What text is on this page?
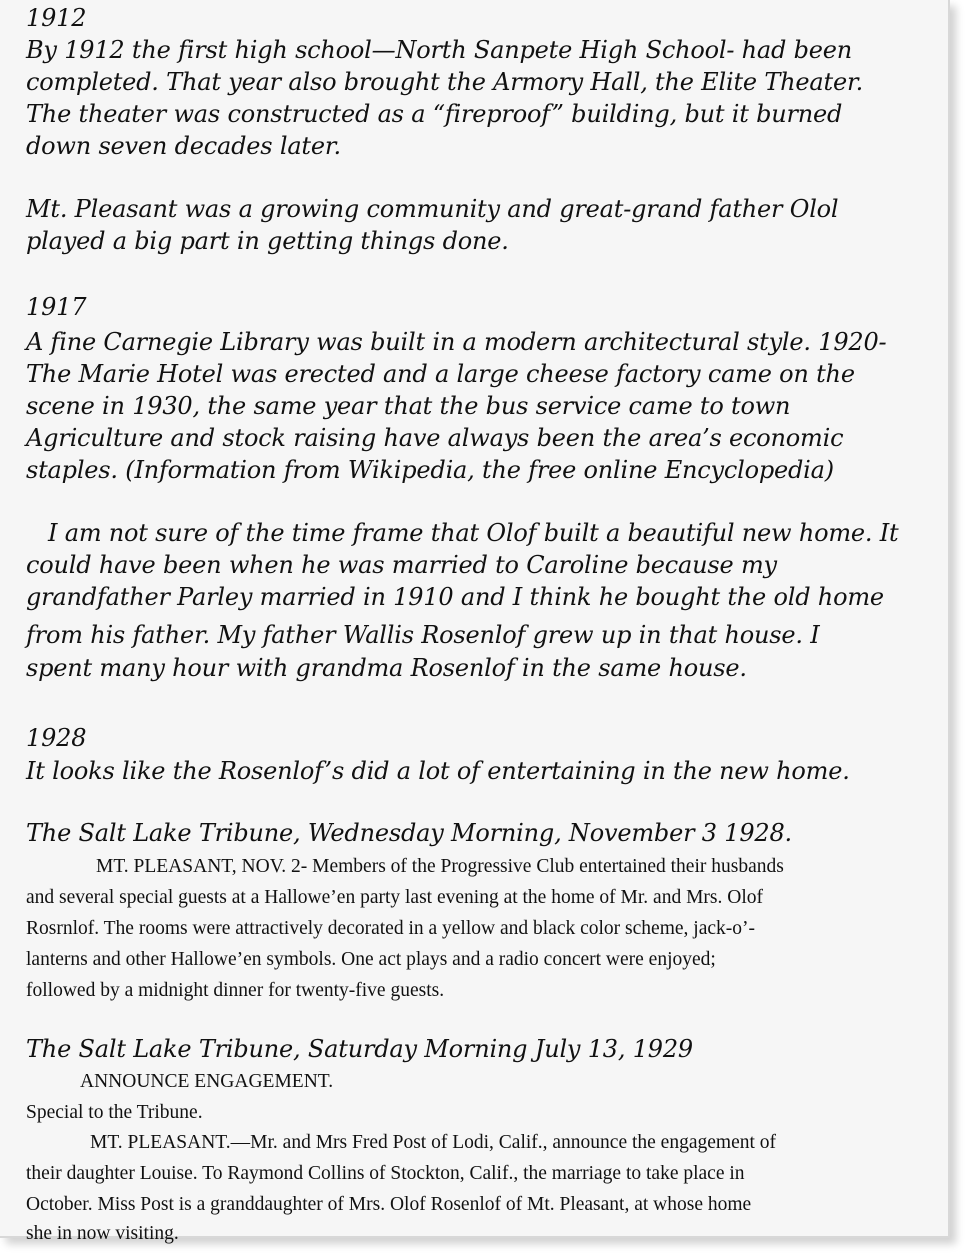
1912

By 1912 the first high school—North Sanpete High School- had been

completed. That year also brought the Armory Hall, the Elite Theater.

The theater was constructed as a “fireproof” building, but it burned

down seven decades later.

Mt. Pleasant was a growing community and great-grand father Olol

played a big part in getting things done.

1917

A fine Carnegie Library was built in a modern architectural style. 1920-

The Marie Hotel was erected and a large cheese factory came on the

scene in 1930, the same year that the bus service came to town

Agriculture and stock raising have always been the area’s economic

staples. (Information from Wikipedia, the free online Encyclopedia)

I am not sure of the time frame that Olof built a beautiful new home. It

could have been when he was married to Caroline because my

grandfather Parley married in 1910 and I think he bought the old home

from his father. My father Wallis Rosenlof grew up in that house. I

spent many hour with grandma Rosenlof in the same house.

1928

It looks like the Rosenlof’s did a lot of entertaining in the new home.

The Salt Lake Tribune, Wednesday Morning, November 3 1928.

MT. PLEASANT, NOV. 2- Members of the Progressive Club entertained their husbands

and several special guests at a Hallowe’en party last evening at the home of Mr. and Mrs. Olof

Rosrnlof. The rooms were attractively decorated in a yellow and black color scheme, jack-o’-

lanterns and other Hallowe’en symbols. One act plays and a radio concert were enjoyed;

followed by a midnight dinner for twenty-five guests.

The Salt Lake Tribune, Saturday Morning July 13, 1929

ANNOUNCE ENGAGEMENT.

Special to the Tribune.

MT. PLEASANT.—Mr. and Mrs Fred Post of Lodi, Calif., announce the engagement of

their daughter Louise. To Raymond Collins of Stockton, Calif., the marriage to take place in

October. Miss Post is a granddaughter of Mrs. Olof Rosenlof of Mt. Pleasant, at whose home

she in now visiting.
